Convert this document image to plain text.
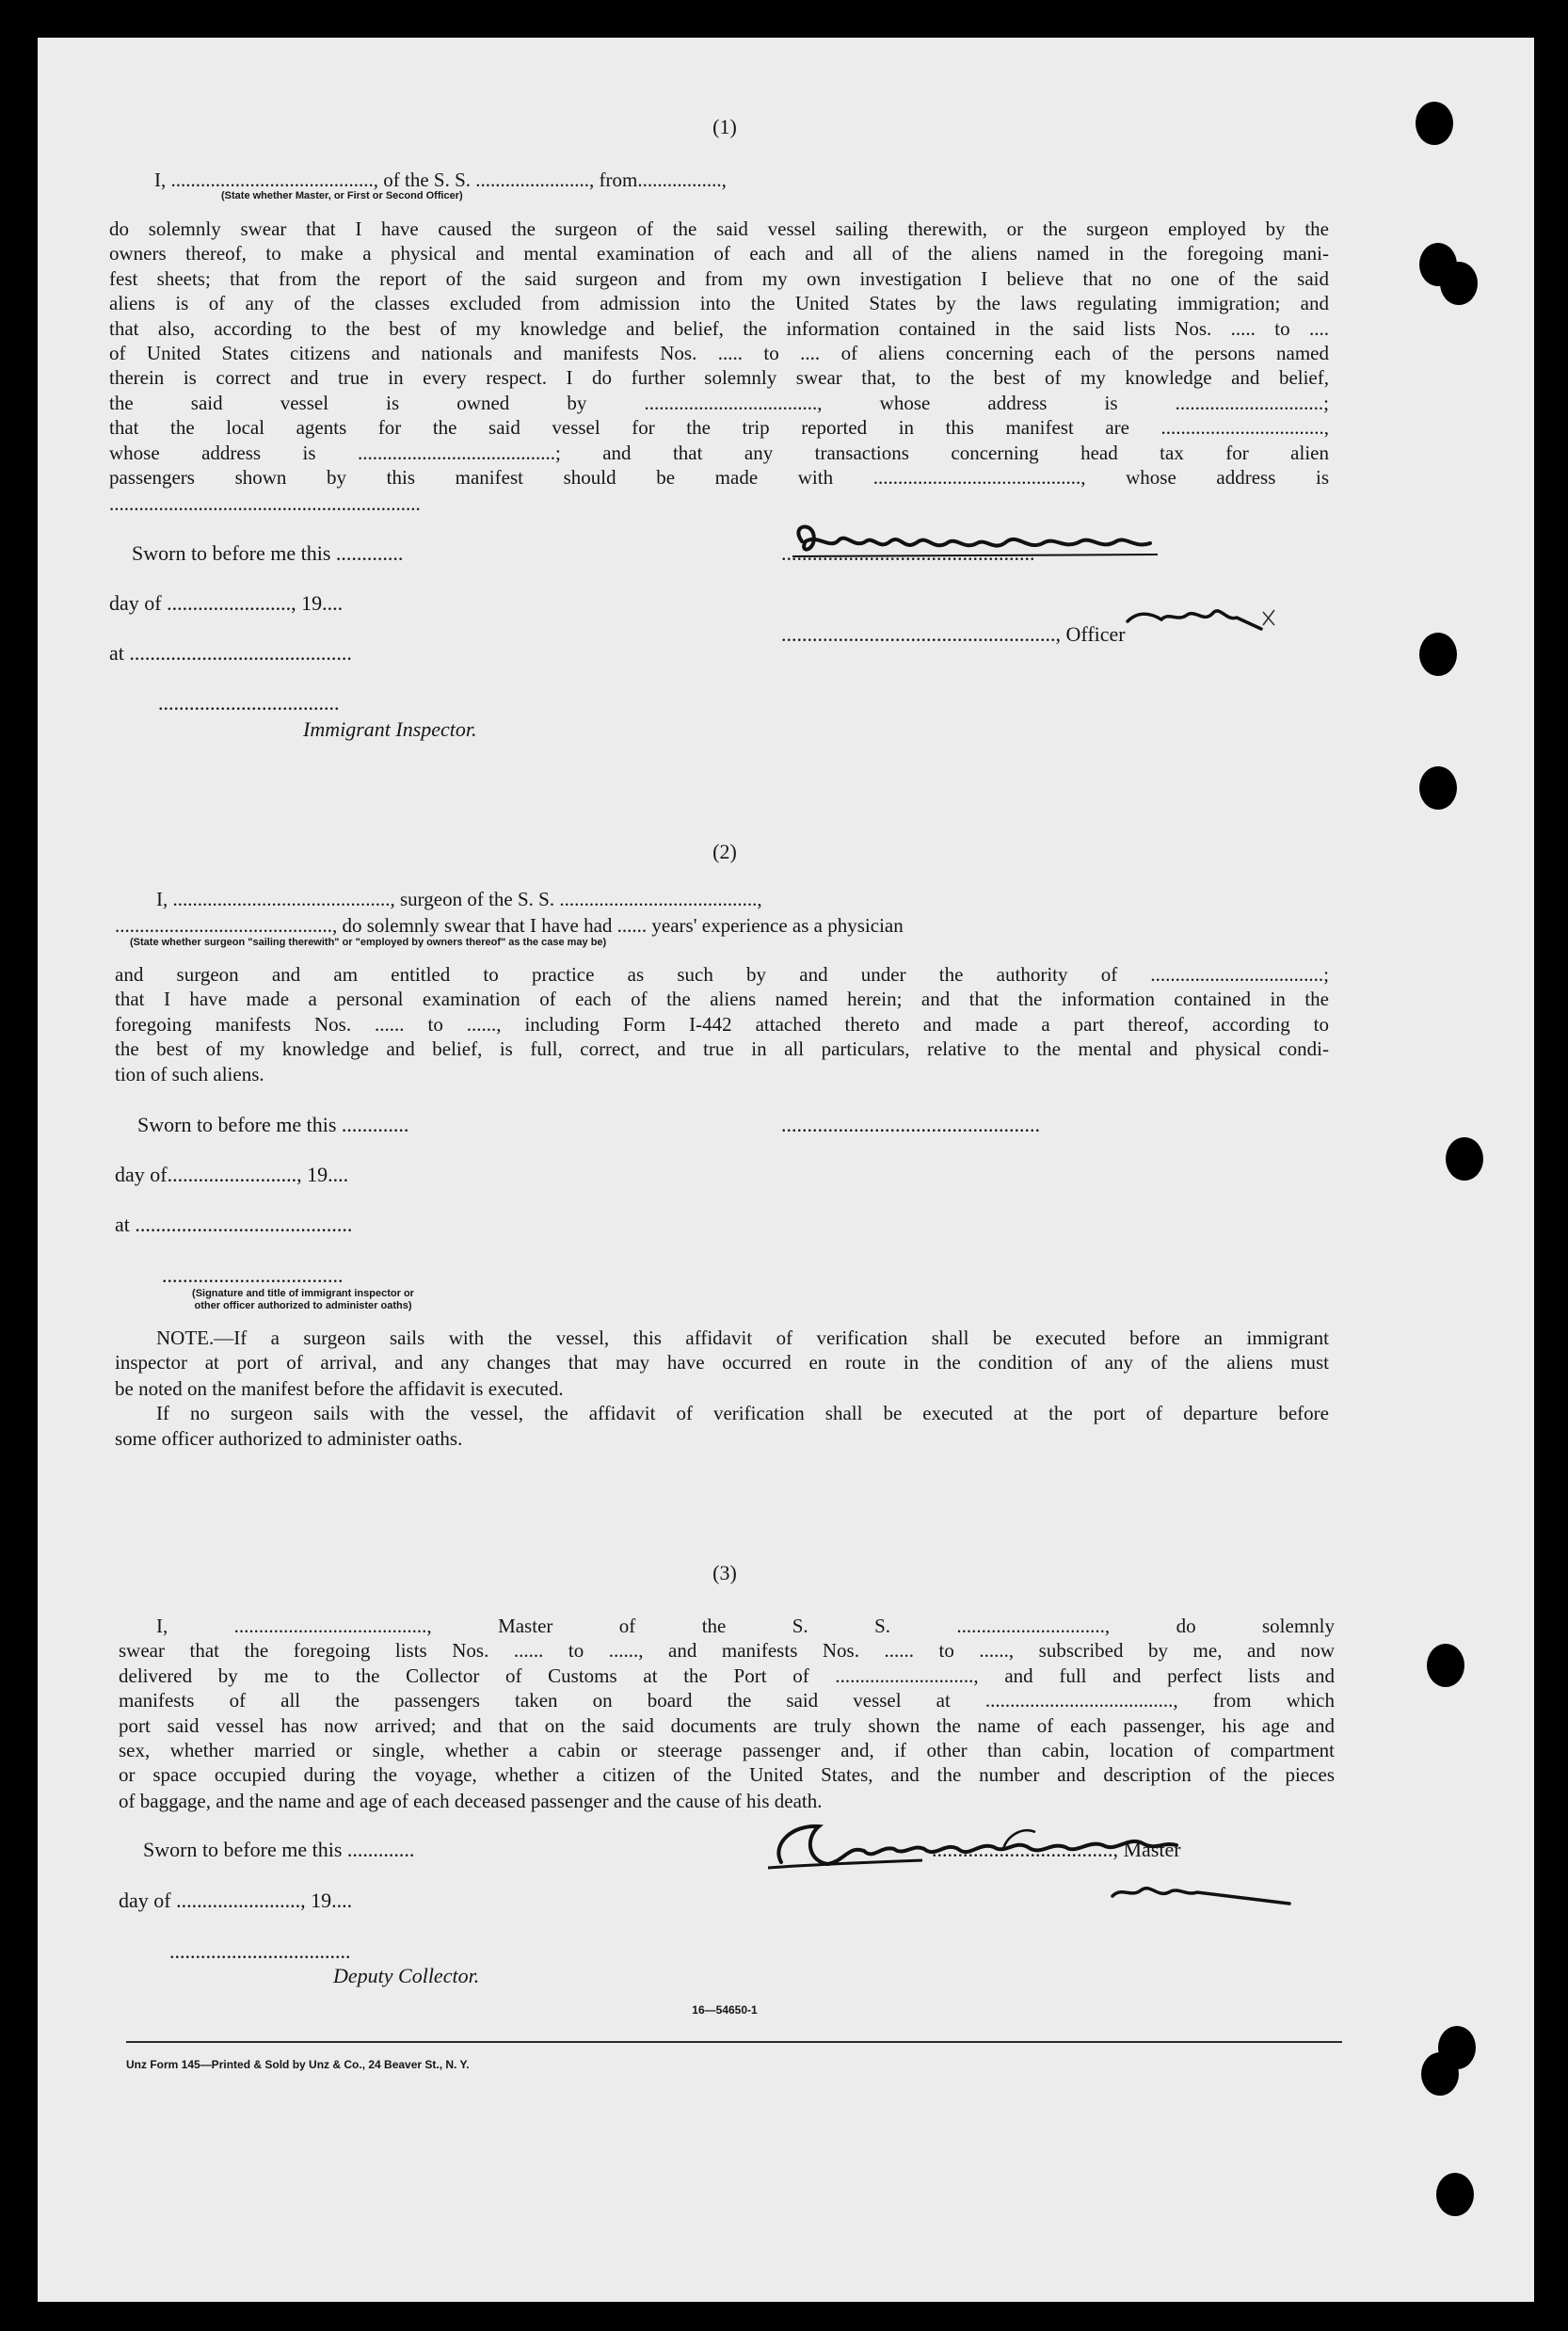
(1)
I, ........................................., of the S. S. ......................., from.................,
(State whether Master, or First or Second Officer)
do solemnly swear that I have caused the surgeon of the said vessel sailing therewith, or the surgeon employed by the
owners thereof, to make a physical and mental examination of each and all of the aliens named in the foregoing mani-
fest sheets; that from the report of the said surgeon and from my own investigation I believe that no one of the said
aliens is of any of the classes excluded from admission into the United States by the laws regulating immigration; and
that also, according to the best of my knowledge and belief, the information contained in the said lists Nos. ..... to ....
of United States citizens and nationals and manifests Nos. ..... to .... of aliens concerning each of the persons named
therein is correct and true in every respect. I do further solemnly swear that, to the best of my knowledge and belief,
the said vessel is owned by ..................................., whose address is ..............................;
that the local agents for the said vessel for the trip reported in this manifest are .................................,
whose address is ........................................; and that any transactions concerning head tax for alien
passengers shown by this manifest should be made with .........................................., whose address is
...............................................................
Sworn to before me this .............
day of ........................, 19....
at ...........................................
...................................
Immigrant Inspector.
.................................................
....................................................., Officer
(2)
I, ............................................, surgeon of the S. S. ........................................,
............................................, do solemnly swear that I have had ...... years' experience as a physician
(State whether surgeon "sailing therewith" or "employed by owners thereof" as the case may be)
and surgeon and am entitled to practice as such by and under the authority of ...................................;
that I have made a personal examination of each of the aliens named herein; and that the information contained in the
foregoing manifests Nos. ...... to ......, including Form I-442 attached thereto and made a part thereof, according to
the best of my knowledge and belief, is full, correct, and true in all particulars, relative to the mental and physical condi-
tion of such aliens.
Sworn to before me this .............
day of........................., 19....
at ..........................................
..................................................
...................................
(Signature and title of immigrant inspector or
other officer authorized to administer oaths)
NOTE.—If a surgeon sails with the vessel, this affidavit of verification shall be executed before an immigrant
inspector at port of arrival, and any changes that may have occurred en route in the condition of any of the aliens must
be noted on the manifest before the affidavit is executed.
If no surgeon sails with the vessel, the affidavit of verification shall be executed at the port of departure before
some officer authorized to administer oaths.
(3)
I, ......................................., Master of the S. S. .............................., do solemnly
swear that the foregoing lists Nos. ...... to ......, and manifests Nos. ...... to ......, subscribed by me, and now
delivered by me to the Collector of Customs at the Port of ............................, and full and perfect lists and
manifests of all the passengers taken on board the said vessel at ......................................, from which
port said vessel has now arrived; and that on the said documents are truly shown the name of each passenger, his age and
sex, whether married or single, whether a cabin or steerage passenger and, if other than cabin, location of compartment
or space occupied during the voyage, whether a citizen of the United States, and the number and description of the pieces
of baggage, and the name and age of each deceased passenger and the cause of his death.
Sworn to before me this .............
day of ........................, 19....
...................................
Deputy Collector.
..................................., Master
16—54650-1
Unz Form 145—Printed & Sold by Unz & Co., 24 Beaver St., N. Y.
